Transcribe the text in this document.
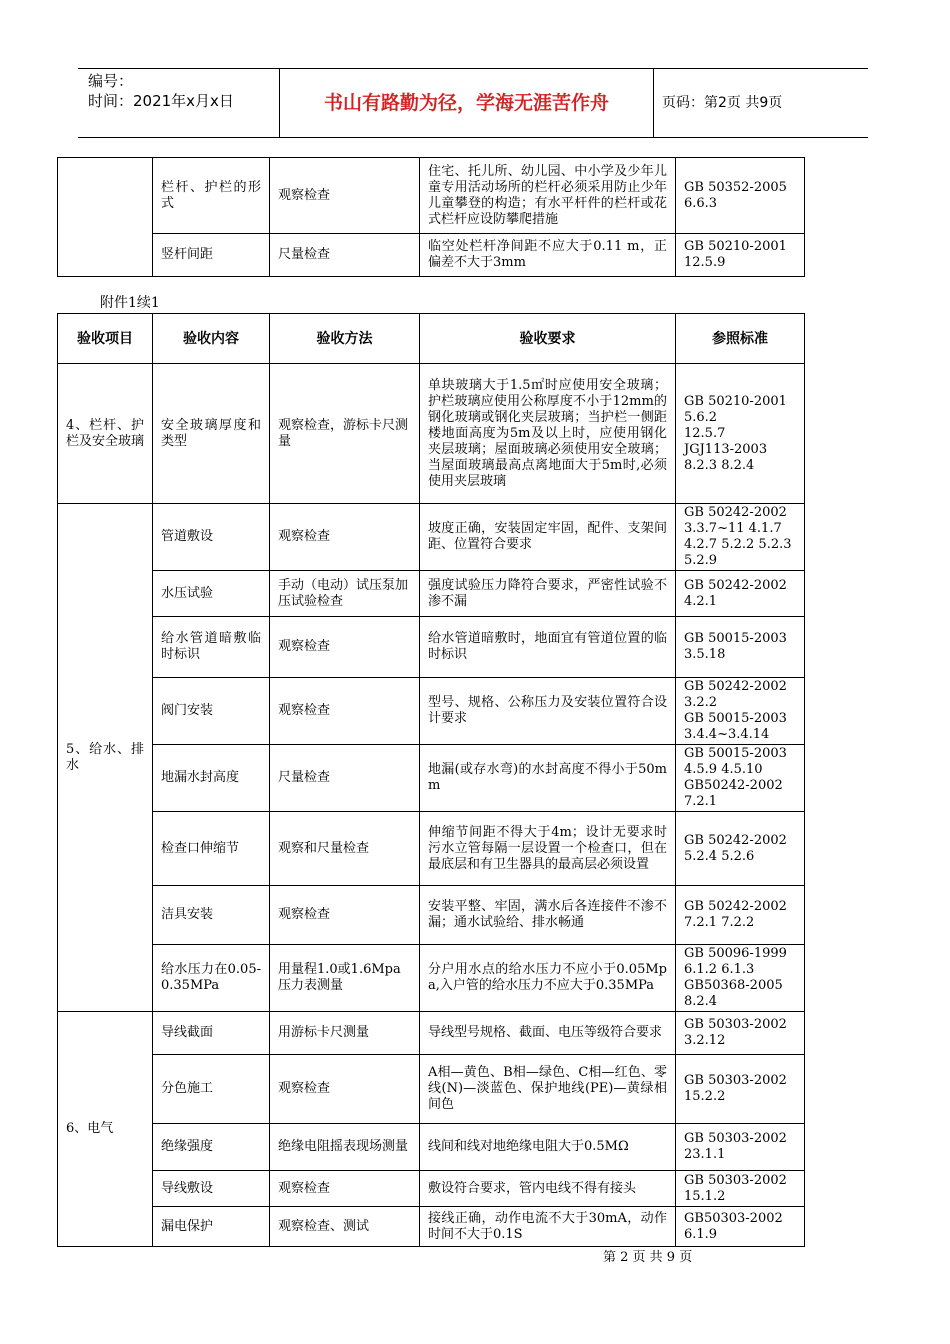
编号：
时间：2021年x月x日	书山有路勤为径，学海无涯苦作舟	页码：第2页 共9页
	栏杆、护栏的形式	观察检查	住宅、托儿所、幼儿园、中小学及少年儿童专用活动场所的栏杆必须采用防止少年儿童攀登的构造；有水平杆件的栏杆或花式栏杆应设防攀爬措施	GB 50352-2005
6.6.3

	竖杆间距	尺量检查	临空处栏杆净间距不应大于0.11 m，正偏差不大于3mm	GB 50210-2001
12.5.9
附件1续1
验收项目	验收内容	验收方法	验收要求	参照标准
4、栏杆、护栏及安全玻璃	安全玻璃厚度和类型	观察检查，游标卡尺测量	单块玻璃大于1.5㎡时应使用安全玻璃；护栏玻璃应使用公称厚度不小于12mm的钢化玻璃或钢化夹层玻璃；当护栏一侧距楼地面高度为5m及以上时，应使用钢化夹层玻璃；屋面玻璃必须使用安全玻璃；当屋面玻璃最高点离地面大于5m时,必须使用夹层玻璃	GB 50210-2001
5.6.2
12.5.7
JGJ113-2003
8.2.3 8.2.4

5、给水、排水	管道敷设	观察检查	坡度正确，安装固定牢固，配件、支架间距、位置符合要求	GB 50242-2002
3.3.7~11 4.1.7
4.2.7 5.2.2 5.2.3
5.2.9

	水压试验	手动（电动）试压泵加压试验检查	强度试验压力降符合要求，严密性试验不渗不漏	GB 50242-2002
4.2.1

	给水管道暗敷临时标识	观察检查	给水管道暗敷时，地面宜有管道位置的临时标识	GB 50015-2003
3.5.18

	阀门安装	观察检查	型号、规格、公称压力及安装位置符合设计要求	GB 50242-2002
3.2.2
GB 50015-2003
3.4.4~3.4.14

	地漏水封高度	尺量检查	地漏(或存水弯)的水封高度不得小于50mm	GB 50015-2003
4.5.9 4.5.10
GB50242-2002
7.2.1

	检查口伸缩节	观察和尺量检查	伸缩节间距不得大于4m；设计无要求时污水立管每隔一层设置一个检查口，但在最底层和有卫生器具的最高层必须设置	GB 50242-2002
5.2.4 5.2.6

	洁具安装	观察检查	安装平整、牢固，满水后各连接件不渗不漏；通水试验给、排水畅通	GB 50242-2002
7.2.1 7.2.2

	给水压力在0.05-0.35MPa	用量程1.0或1.6Mpa压力表测量	分户用水点的给水压力不应小于0.05Mpa,入户管的给水压力不应大于0.35MPa	GB 50096-1999
6.1.2 6.1.3
GB50368-2005
8.2.4

6、电气	导线截面	用游标卡尺测量	导线型号规格、截面、电压等级符合要求	GB 50303-2002
3.2.12

	分色施工	观察检查	A相—黄色、B相—绿色、C相—红色、零线(N)—淡蓝色、保护地线(PE)—黄绿相间色	GB 50303-2002
15.2.2

	绝缘强度	绝缘电阻摇表现场测量	线间和线对地绝缘电阻大于0.5MΩ	GB 50303-2002
23.1.1

	导线敷设	观察检查	敷设符合要求，管内电线不得有接头	GB 50303-2002
15.1.2

	漏电保护	观察检查、测试	接线正确，动作电流不大于30mA，动作时间不大于0.1S	GB50303-2002
6.1.9
第 2 页 共 9 页
